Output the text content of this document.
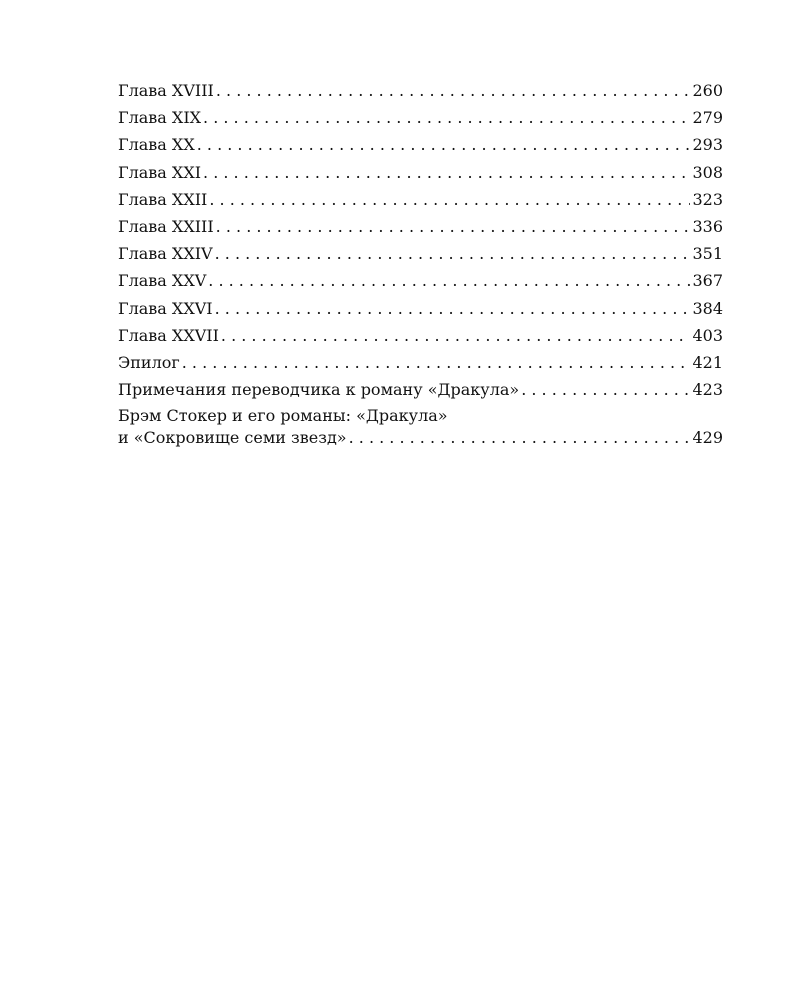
Глава XVIII . . .	260
Глава XIX . . .	279
Глава XX . . .	293
Глава XXI . . .	308
Глава XXII . . .	323
Глава XXIII . . .	336
Глава XXIV . . .	351
Глава XXV . . .	367
Глава XXVI . . .	384
Глава XXVII . . .	403
Эпилог . . .	421
Примечания переводчика к роману «Дракула» . . .	423
Брэм Стокер и его романы: «Дракула»
и «Сокровище семи звезд» . . .	429
